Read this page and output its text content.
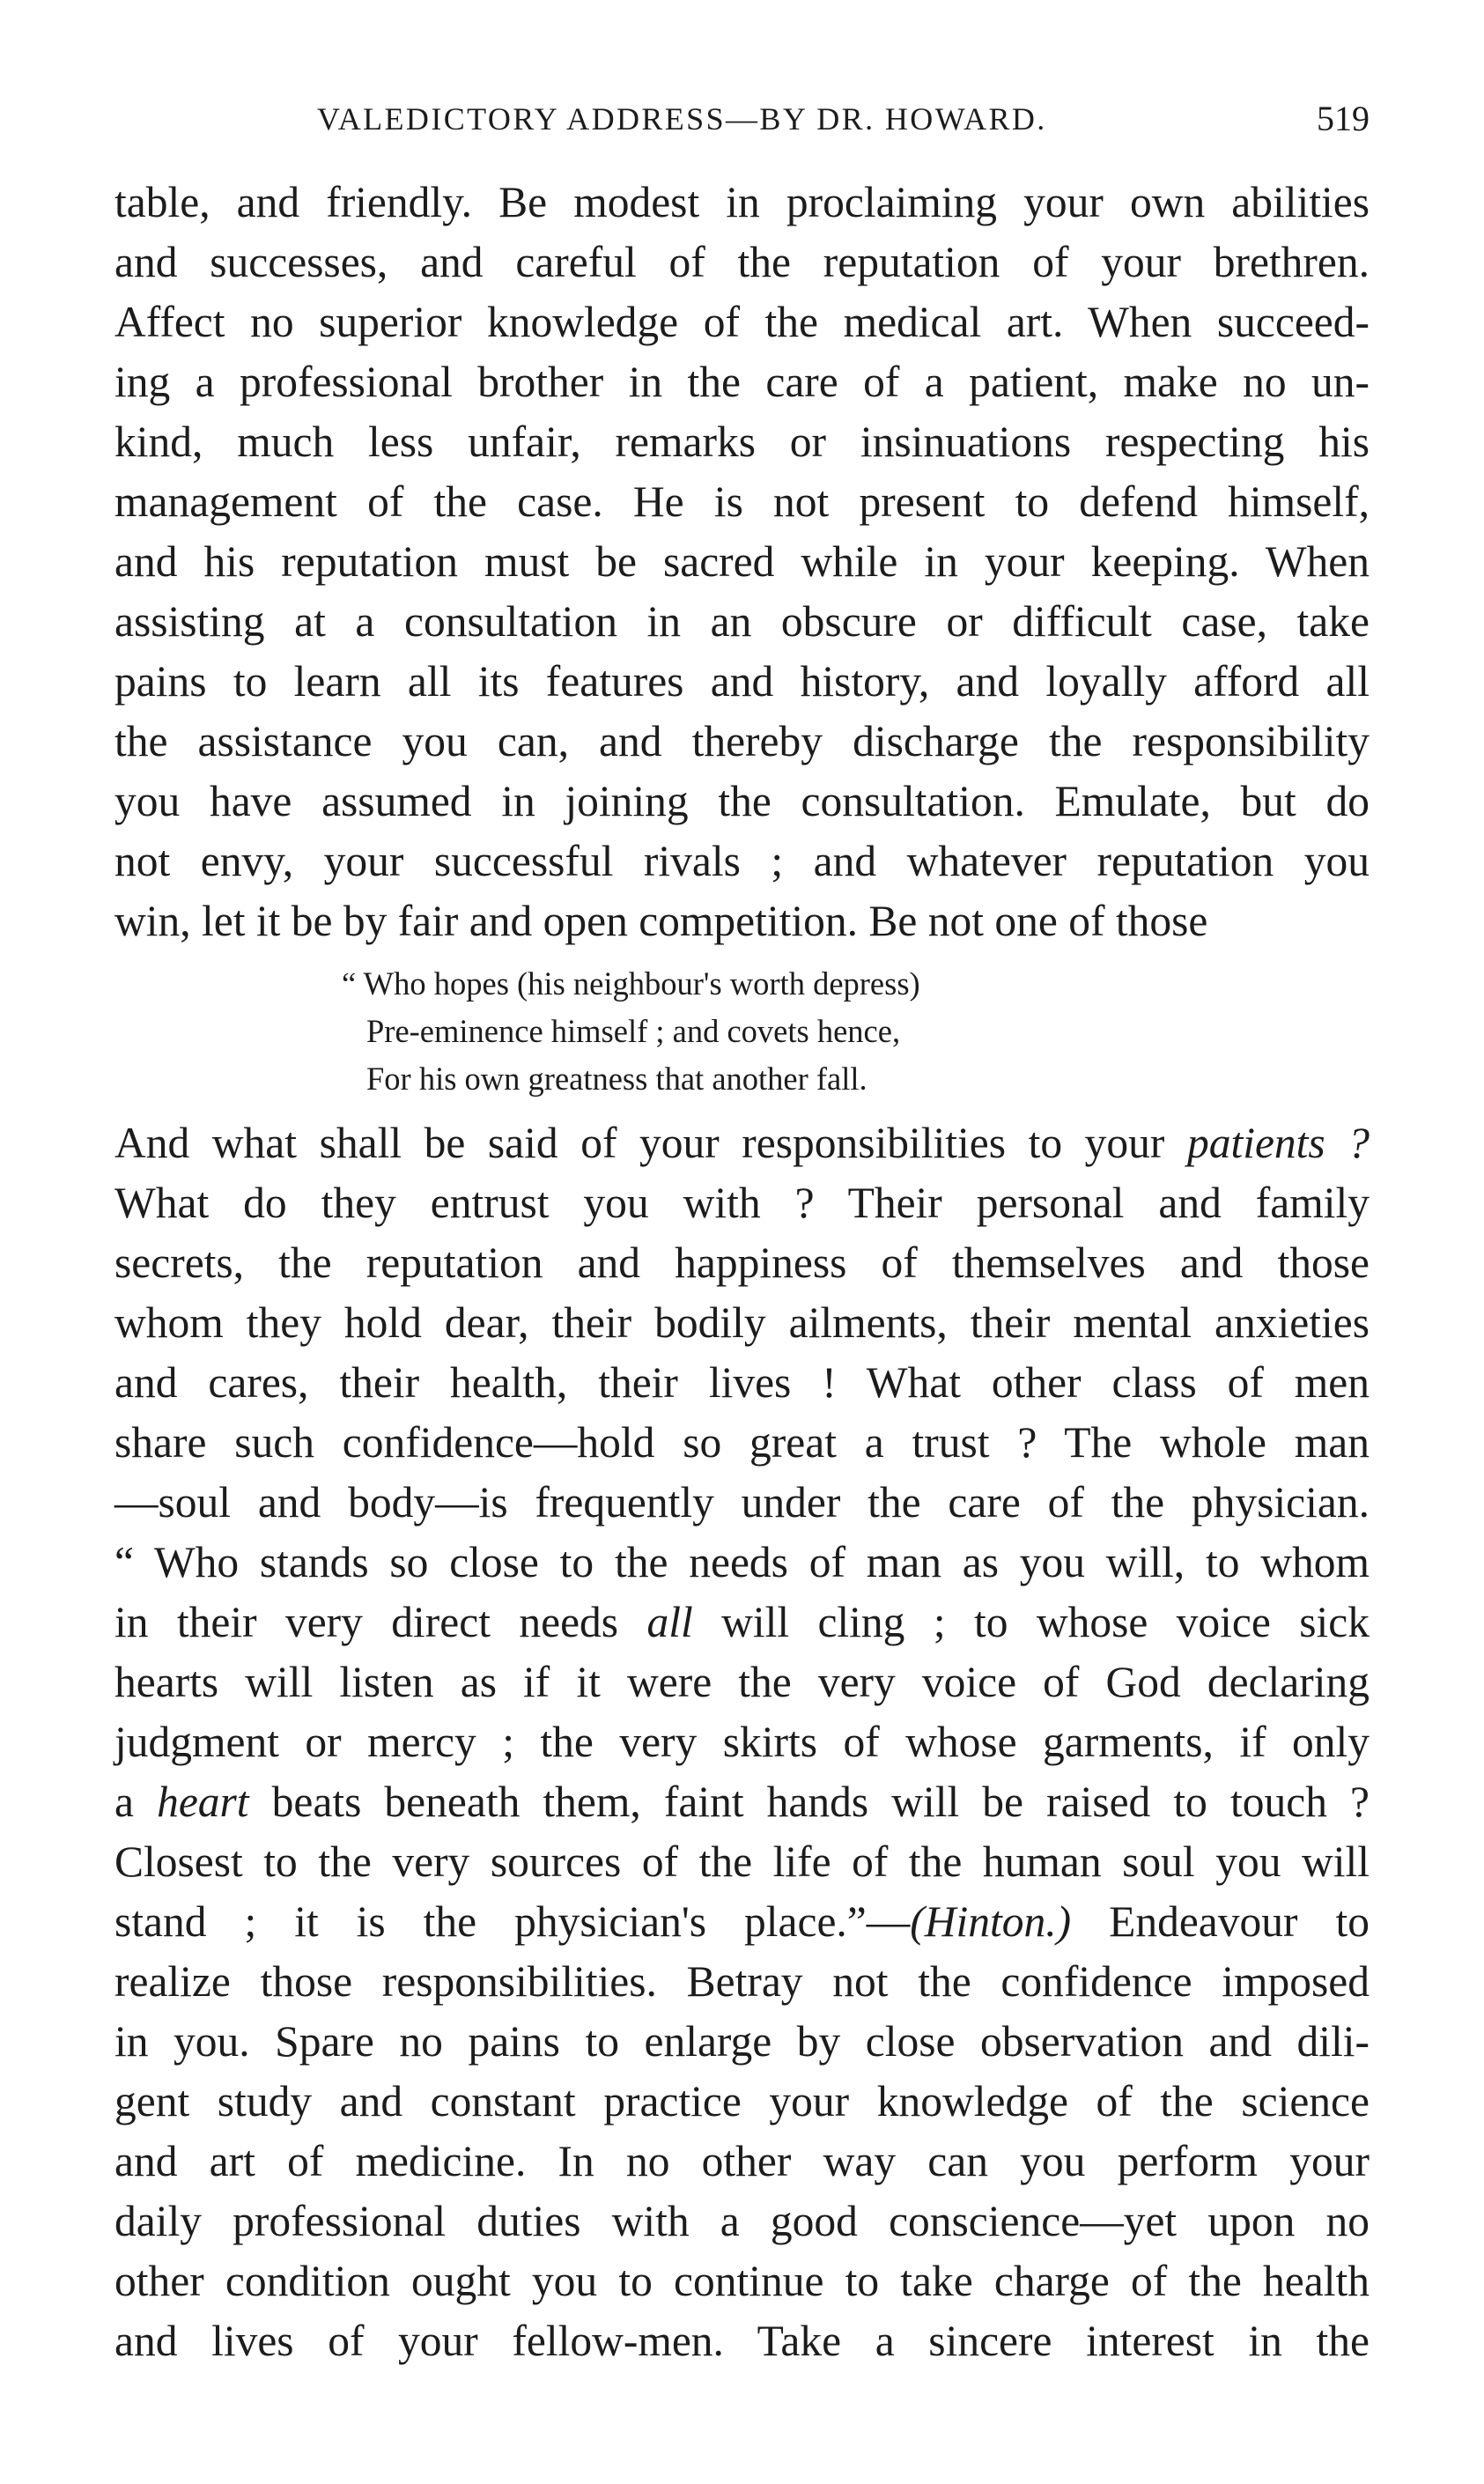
VALEDICTORY ADDRESS—BY DR. HOWARD.	519
table, and friendly. Be modest in proclaiming your own abilities
and successes, and careful of the reputation of your brethren.
Affect no superior knowledge of the medical art. When succeed-
ing a professional brother in the care of a patient, make no un-
kind, much less unfair, remarks or insinuations respecting his
management of the case. He is not present to defend himself,
and his reputation must be sacred while in your keeping. When
assisting at a consultation in an obscure or difficult case, take
pains to learn all its features and history, and loyally afford all
the assistance you can, and thereby discharge the responsibility
you have assumed in joining the consultation. Emulate, but do
not envy, your successful rivals ; and whatever reputation you
win, let it be by fair and open competition. Be not one of those
“ Who hopes (his neighbour's worth depress)
Pre-eminence himself ; and covets hence,
For his own greatness that another fall.
And what shall be said of your responsibilities to your patients ?
What do they entrust you with ? Their personal and family
secrets, the reputation and happiness of themselves and those
whom they hold dear, their bodily ailments, their mental anxieties
and cares, their health, their lives ! What other class of men
share such confidence—hold so great a trust ? The whole man
—soul and body—is frequently under the care of the physician.
“ Who stands so close to the needs of man as you will, to whom
in their very direct needs all will cling ; to whose voice sick
hearts will listen as if it were the very voice of God declaring
judgment or mercy ; the very skirts of whose garments, if only
a heart beats beneath them, faint hands will be raised to touch ?
Closest to the very sources of the life of the human soul you will
stand ; it is the physician's place.”—(Hinton.) Endeavour to
realize those responsibilities. Betray not the confidence imposed
in you. Spare no pains to enlarge by close observation and dili-
gent study and constant practice your knowledge of the science
and art of medicine. In no other way can you perform your
daily professional duties with a good conscience—yet upon no
other condition ought you to continue to take charge of the health
and lives of your fellow-men. Take a sincere interest in the
